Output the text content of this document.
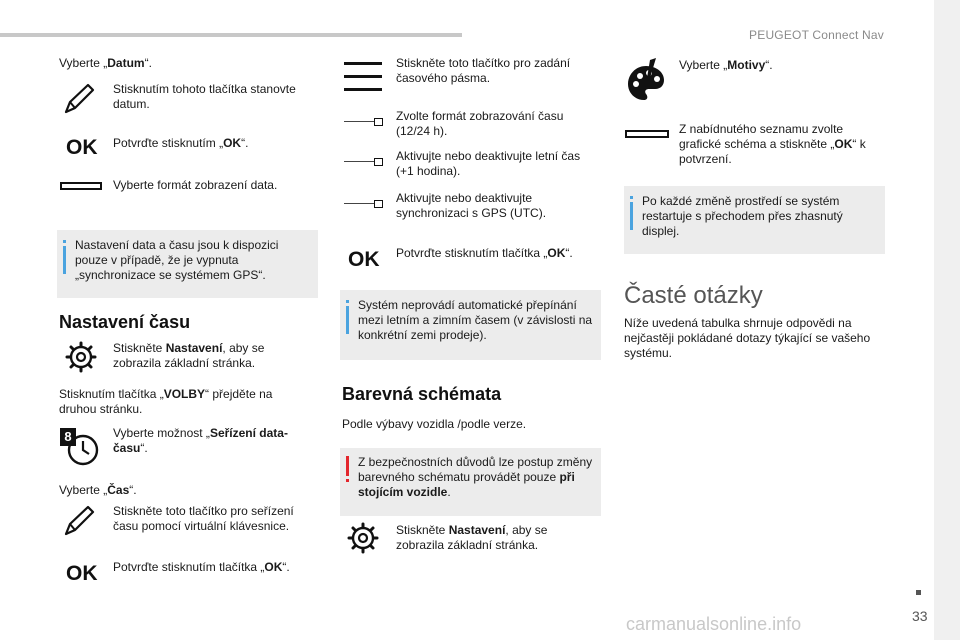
PEUGEOT Connect Nav
33
Vyberte „Datum“.
Stisknutím tohoto tlačítka stanovte datum.
OK Potvrďte stisknutím „OK“.
Vyberte formát zobrazení data.
Nastavení data a času jsou k dispozici pouze v případě, že je vypnuta „synchronizace se systémem GPS“.
Nastavení času
Stiskněte Nastavení, aby se zobrazila základní stránka.
Stisknutím tlačítka „VOLBY“ přejděte na druhou stránku.
8	Vyberte možnost „Seřízení data-času“.
Vyberte „Čas“.
Stiskněte toto tlačítko pro seřízení času pomocí virtuální klávesnice.
OK Potvrďte stisknutím tlačítka „OK“.
Stiskněte toto tlačítko pro zadání časového pásma.
Zvolte formát zobrazování času (12/24 h).
Aktivujte nebo deaktivujte letní čas (+1 hodina).
Aktivujte nebo deaktivujte synchronizaci s GPS (UTC).
OK Potvrďte stisknutím tlačítka „OK“.
Systém neprovádí automatické přepínání mezi letním a zimním časem (v závislosti na konkrétní zemi prodeje).
Barevná schémata
Podle výbavy vozidla /podle verze.
Z bezpečnostních důvodů lze postup změny barevného schématu provádět pouze při stojícím vozidle.
Stiskněte Nastavení, aby se zobrazila základní stránka.
Vyberte „Motivy“.
Z nabídnutého seznamu zvolte grafické schéma a stiskněte „OK“ k potvrzení.
Po každé změně prostředí se systém restartuje s přechodem přes zhasnutý displej.
Časté otázky
Níže uvedená tabulka shrnuje odpovědi na nejčastěji pokládané dotazy týkající se vašeho systému.
carmanualsonline.info
